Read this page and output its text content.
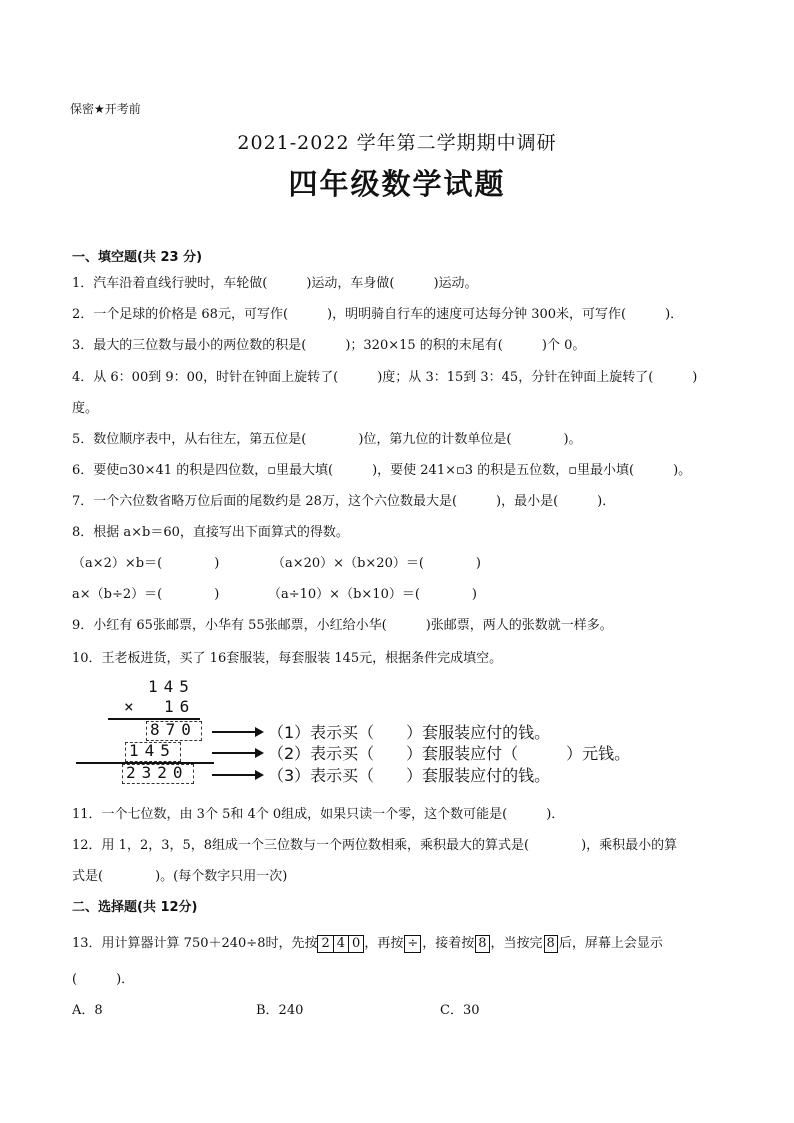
保密★开考前
2021-2022 学年第二学期期中调研
四年级数学试题
一、填空题(共 23 分)
1．汽车沿着直线行驶时，车轮做(　　　)运动，车身做(　　　)运动。
2．一个足球的价格是 68元，可写作(　　　)，明明骑自行车的速度可达每分钟 300米，可写作(　　　)．
3．最大的三位数与最小的两位数的积是(　　　)；320×15 的积的末尾有(　　　)个 0。
4．从 6：00到 9：00，时针在钟面上旋转了(　　　)度；从 3：15到 3：45，分针在钟面上旋转了(　　　)
度。
5．数位顺序表中，从右往左，第五位是(　　　　)位，第九位的计数单位是(　　　　)。
6．要使▫30×41 的积是四位数，▫里最大填(　　　)，要使 241×▫3 的积是五位数，▫里最小填(　　　)。
7．一个六位数省略万位后面的尾数约是 28万，这个六位数最大是(　　　)，最小是(　　　)．
8．根据 a×b＝60，直接写出下面算式的得数。
（a×2）×b＝(　　　　)	（a×20）×（b×20）＝(　　　　)
a×（b÷2）＝(　　　　)	（a÷10）×（b×10）＝(　　　　)
9．小红有 65张邮票，小华有 55张邮票，小红给小华(　　　)张邮票，两人的张数就一样多。
10．王老板进货，买了 16套服装，每套服装 145元，根据条件完成填空。
145
× 16
870	（1）表示买（　　）套服装应付的钱。
145	（2）表示买（　　）套服装应付（　　　）元钱。
2320	（3）表示买（　　）套服装应付的钱。
11．一个七位数，由 3个 5和 4个 0组成，如果只读一个零，这个数可能是(　　　)．
12．用 1，2，3，5，8组成一个三位数与一个两位数相乘，乘积最大的算式是(　　　　)，乘积最小的算
式是(　　　　)。(每个数字只用一次)
二、选择题(共 12分)
13．用计算器计算 750＋240÷8时，先按 2 4 0 ，再按 ÷ ，接着按 8 ，当按完 8 后，屏幕上会显示
(　　　)．
A．8	B．240	C．30
